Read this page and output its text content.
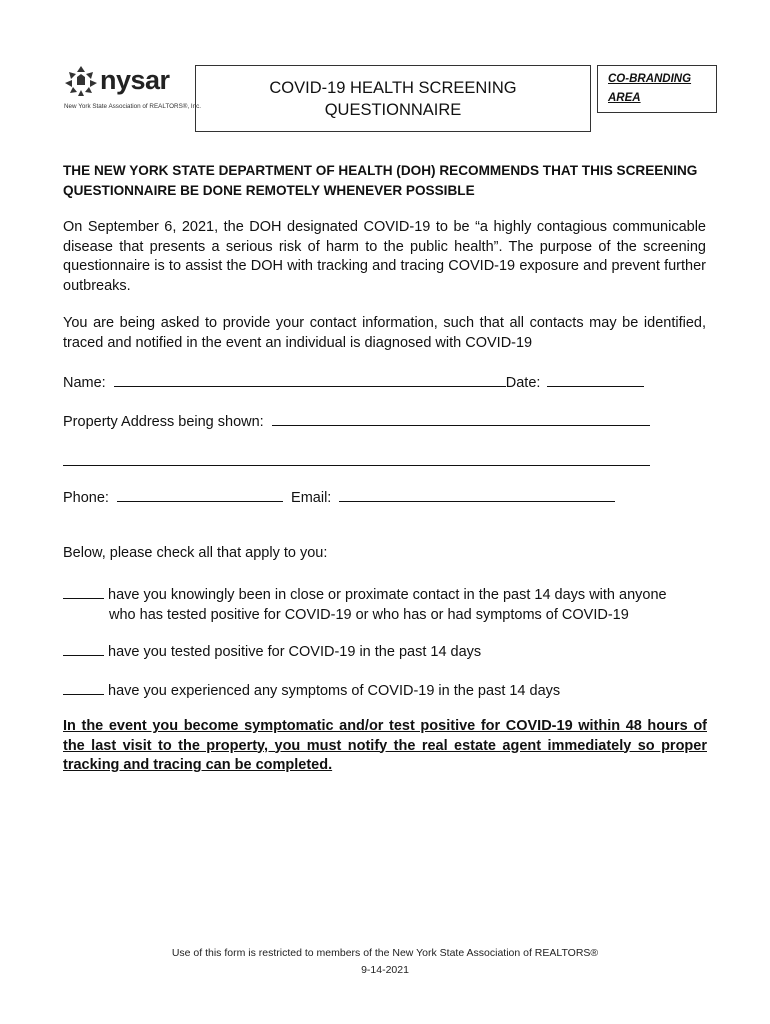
nysar
New York State Association of REALTORS®, Inc.
COVID-19 HEALTH SCREENING
QUESTIONNAIRE
CO-BRANDING
AREA
THE NEW YORK STATE DEPARTMENT OF HEALTH (DOH) RECOMMENDS THAT THIS SCREENING QUESTIONNAIRE BE DONE REMOTELY WHENEVER POSSIBLE
On September 6, 2021, the DOH designated COVID-19 to be “a highly contagious communicable disease that presents a serious risk of harm to the public health”. The purpose of the screening questionnaire is to assist the DOH with tracking and tracing COVID-19 exposure and prevent further outbreaks.
You are being asked to provide your contact information, such that all contacts may be identified, traced and notified in the event an individual is diagnosed with COVID-19
Name:	Date:
Property Address being shown:
Phone:	Email:
Below, please check all that apply to you:
have you knowingly been in close or proximate contact in the past 14 days with anyone
who has tested positive for COVID-19 or who has or had symptoms of COVID-19
have you tested positive for COVID-19 in the past 14 days
have you experienced any symptoms of COVID-19 in the past 14 days
In the event you become symptomatic and/or test positive for COVID-19 within 48 hours of the last visit to the property, you must notify the real estate agent immediately so proper tracking and tracing can be completed.
Use of this form is restricted to members of the New York State Association of REALTORS®
9-14-2021
